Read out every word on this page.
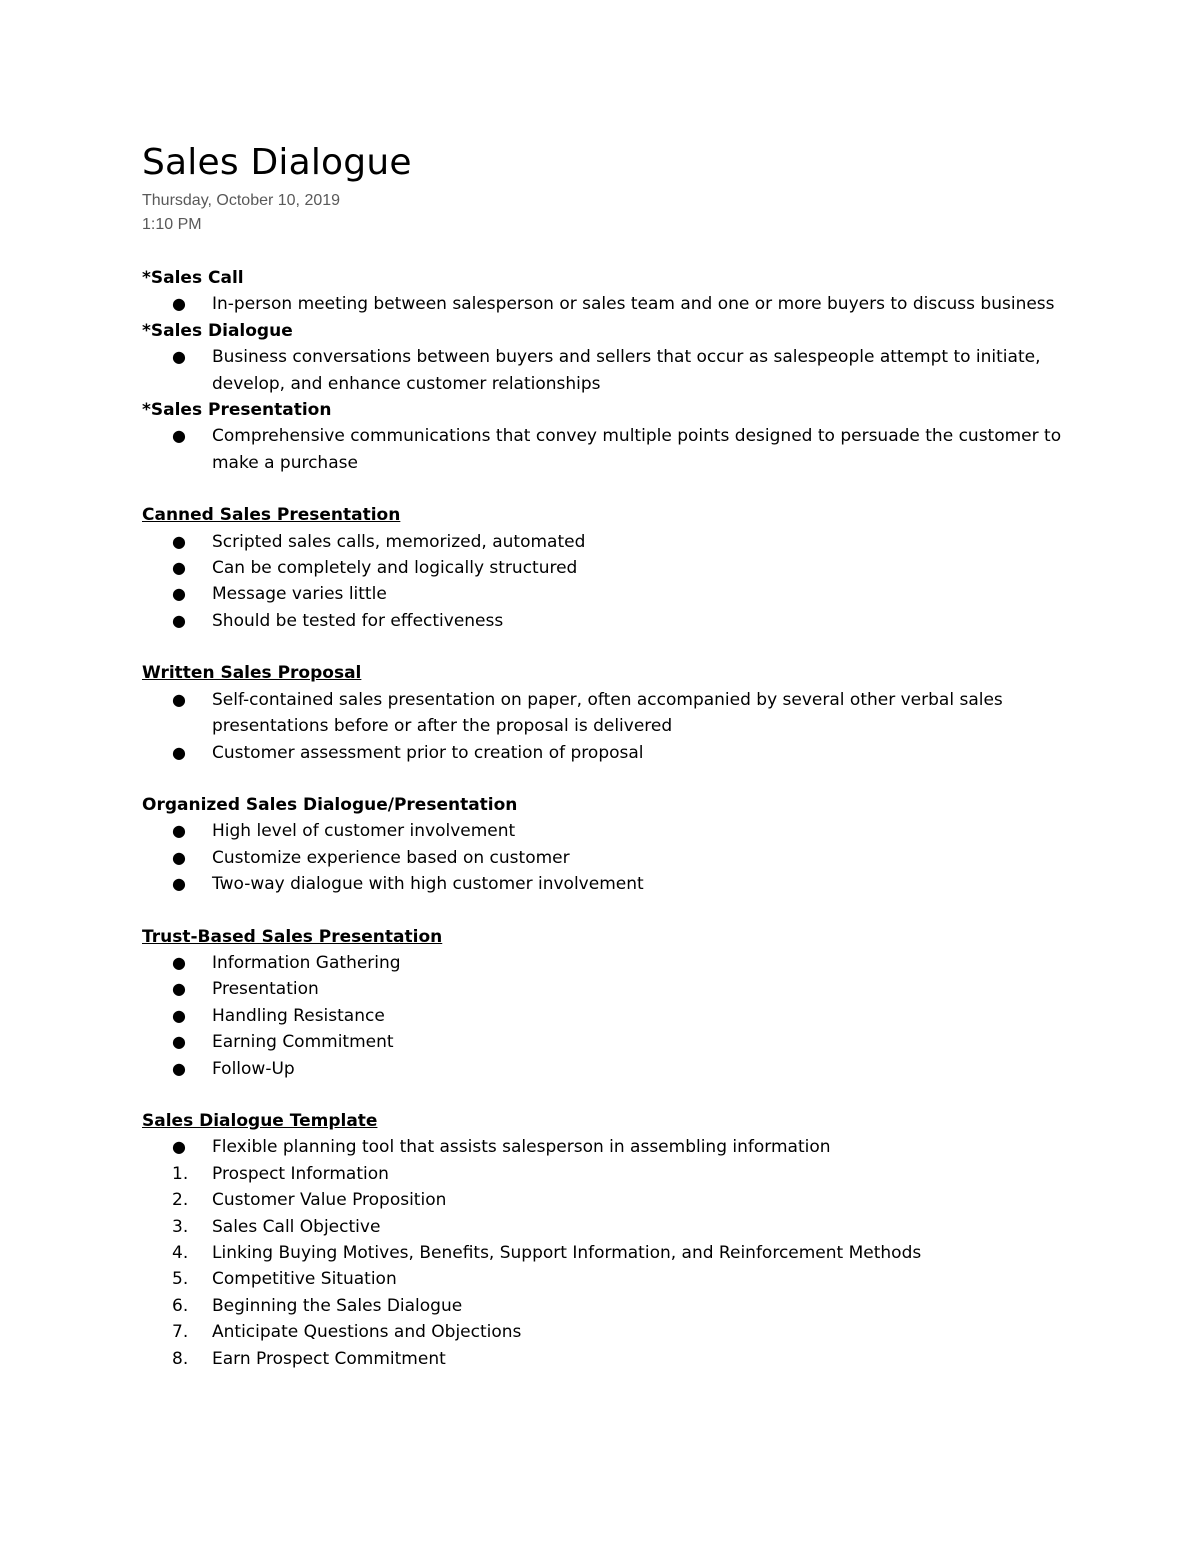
Sales Dialogue
Thursday, October 10, 2019
1:10 PM
*Sales Call
●	In-person meeting between salesperson or sales team and one or more buyers to discuss business
*Sales Dialogue
●	Business conversations between buyers and sellers that occur as salespeople attempt to initiate, develop, and enhance customer relationships
*Sales Presentation
●	Comprehensive communications that convey multiple points designed to persuade the customer to make a purchase
Canned Sales Presentation
●	Scripted sales calls, memorized, automated
●	Can be completely and logically structured
●	Message varies little
●	Should be tested for effectiveness
Written Sales Proposal
●	Self-contained sales presentation on paper, often accompanied by several other verbal sales presentations before or after the proposal is delivered
●	Customer assessment prior to creation of proposal
Organized Sales Dialogue/Presentation
●	High level of customer involvement
●	Customize experience based on customer
●	Two-way dialogue with high customer involvement
Trust-Based Sales Presentation
●	Information Gathering
●	Presentation
●	Handling Resistance
●	Earning Commitment
●	Follow-Up
Sales Dialogue Template
●	Flexible planning tool that assists salesperson in assembling information
1.	Prospect Information
2.	Customer Value Proposition
3.	Sales Call Objective
4.	Linking Buying Motives, Benefits, Support Information, and Reinforcement Methods
5.	Competitive Situation
6.	Beginning the Sales Dialogue
7.	Anticipate Questions and Objections
8.	Earn Prospect Commitment
